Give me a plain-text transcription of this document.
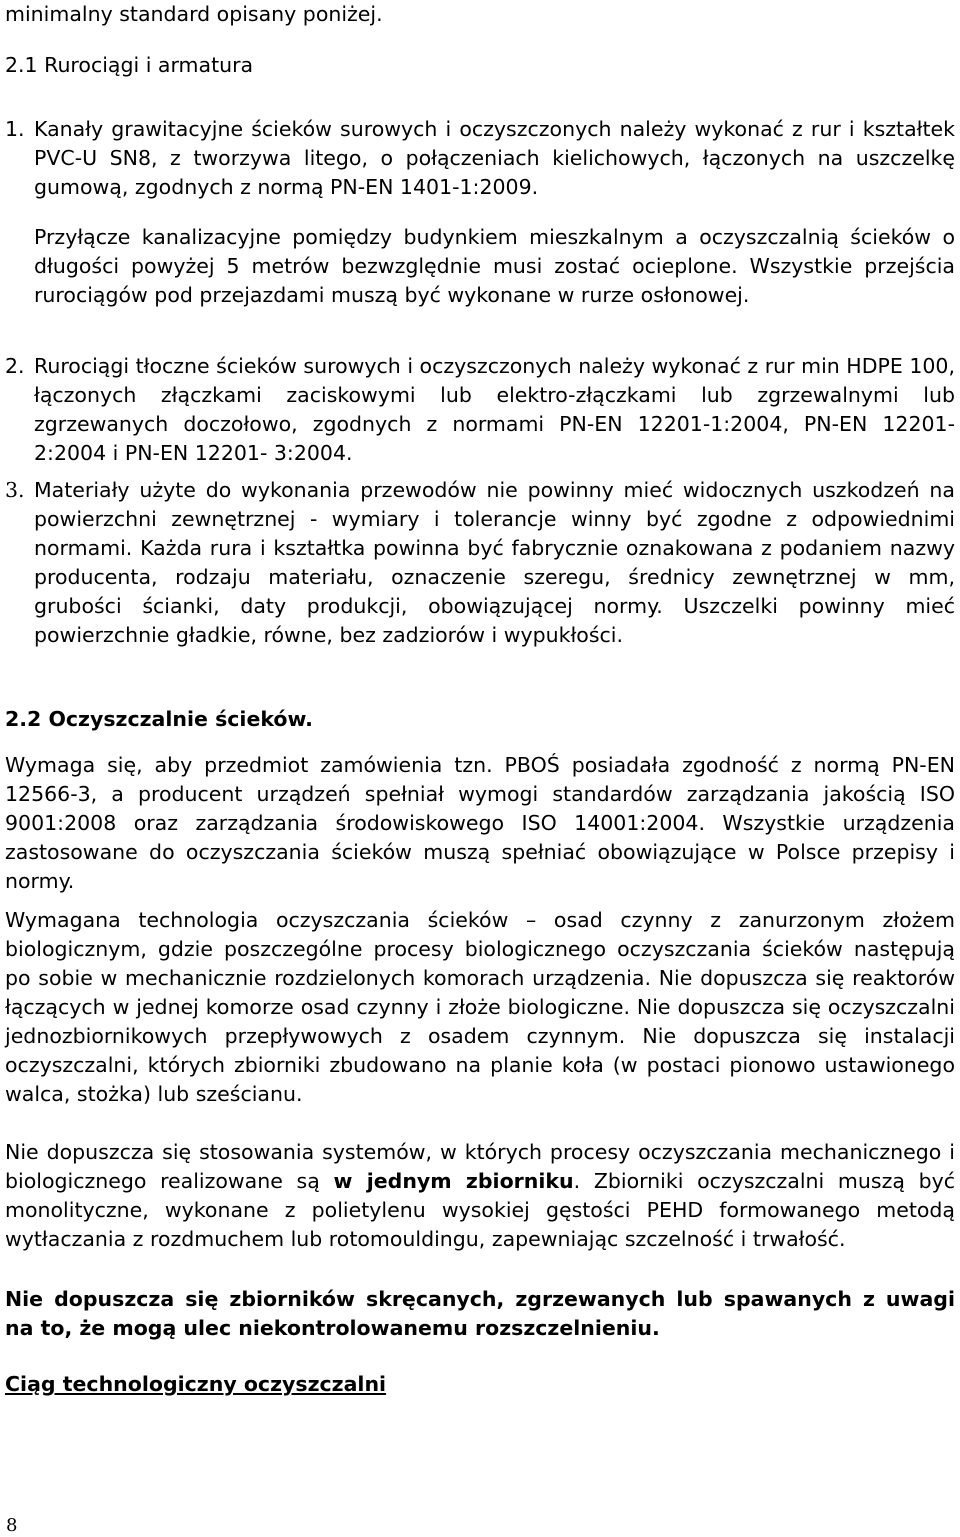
minimalny standard opisany poniżej.
2.1 Rurociągi i armatura
1. Kanały grawitacyjne ścieków surowych i oczyszczonych należy wykonać z rur i kształtek PVC-U SN8, z tworzywa litego, o połączeniach kielichowych, łączonych na uszczelkę gumową, zgodnych z normą PN-EN 1401-1:2009.
Przyłącze kanalizacyjne pomiędzy budynkiem mieszkalnym a oczyszczalnią ścieków o długości powyżej 5 metrów bezwzględnie musi zostać ocieplone. Wszystkie przejścia rurociągów pod przejazdami muszą być wykonane w rurze osłonowej.
2. Rurociągi tłoczne ścieków surowych i oczyszczonych należy wykonać z rur min HDPE 100, łączonych złączkami zaciskowymi lub elektro-złączkami lub zgrzewalnymi lub zgrzewanych doczołowo, zgodnych z normami PN-EN 12201-1:2004, PN-EN 12201-2:2004 i PN-EN 12201- 3:2004.
3. Materiały użyte do wykonania przewodów nie powinny mieć widocznych uszkodzeń na powierzchni zewnętrznej - wymiary i tolerancje winny być zgodne z odpowiednimi normami. Każda rura i kształtka powinna być fabrycznie oznakowana z podaniem nazwy producenta, rodzaju materiału, oznaczenie szeregu, średnicy zewnętrznej w mm, grubości ścianki, daty produkcji, obowiązującej normy. Uszczelki powinny mieć powierzchnie gładkie, równe, bez zadziorów i wypukłości.
2.2 Oczyszczalnie ścieków.
Wymaga się, aby przedmiot zamówienia tzn. PBOŚ posiadała zgodność z normą PN-EN 12566-3, a producent urządzeń spełniał wymogi standardów zarządzania jakością ISO 9001:2008 oraz zarządzania środowiskowego ISO 14001:2004. Wszystkie urządzenia zastosowane do oczyszczania ścieków muszą spełniać obowiązujące w Polsce przepisy i normy.
Wymagana technologia oczyszczania ścieków – osad czynny z zanurzonym złożem biologicznym, gdzie poszczególne procesy biologicznego oczyszczania ścieków następują po sobie w mechanicznie rozdzielonych komorach urządzenia. Nie dopuszcza się reaktorów łączących w jednej komorze osad czynny i złoże biologiczne. Nie dopuszcza się oczyszczalni jednozbiornikowych przepływowych z osadem czynnym. Nie dopuszcza się instalacji oczyszczalni, których zbiorniki zbudowano na planie koła (w postaci pionowo ustawionego walca, stożka) lub sześcianu.
Nie dopuszcza się stosowania systemów, w których procesy oczyszczania mechanicznego i biologicznego realizowane są w jednym zbiorniku. Zbiorniki oczyszczalni muszą być monolityczne, wykonane z polietylenu wysokiej gęstości PEHD formowanego metodą wytłaczania z rozdmuchem lub rotomouldingu, zapewniając szczelność i trwałość.
Nie dopuszcza się zbiorników skręcanych, zgrzewanych lub spawanych z uwagi na to, że mogą ulec niekontrolowanemu rozszczelnieniu.
Ciąg technologiczny oczyszczalni
8
